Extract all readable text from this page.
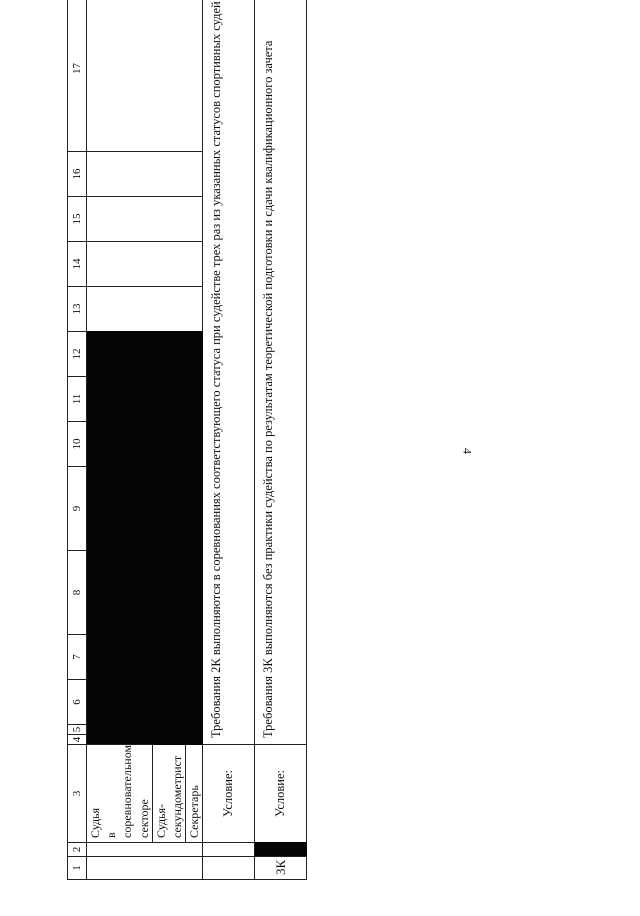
4
1	2	3	4	5	6	7	8	9	10	11	12	13	14	15	16	17

		Судья в соревновательном секторе														

		Судья-секундометрист														
		Секретарь														
		Условие:	Требования 2К выполняются в соревнованиях соответствующего статуса при судействе трех раз из указанных статусов спортивных судей													
3К		Условие:	Требования 3К выполняются без практики судейства по результатам теоретической подготовки и сдачи квалификационного зачета													
